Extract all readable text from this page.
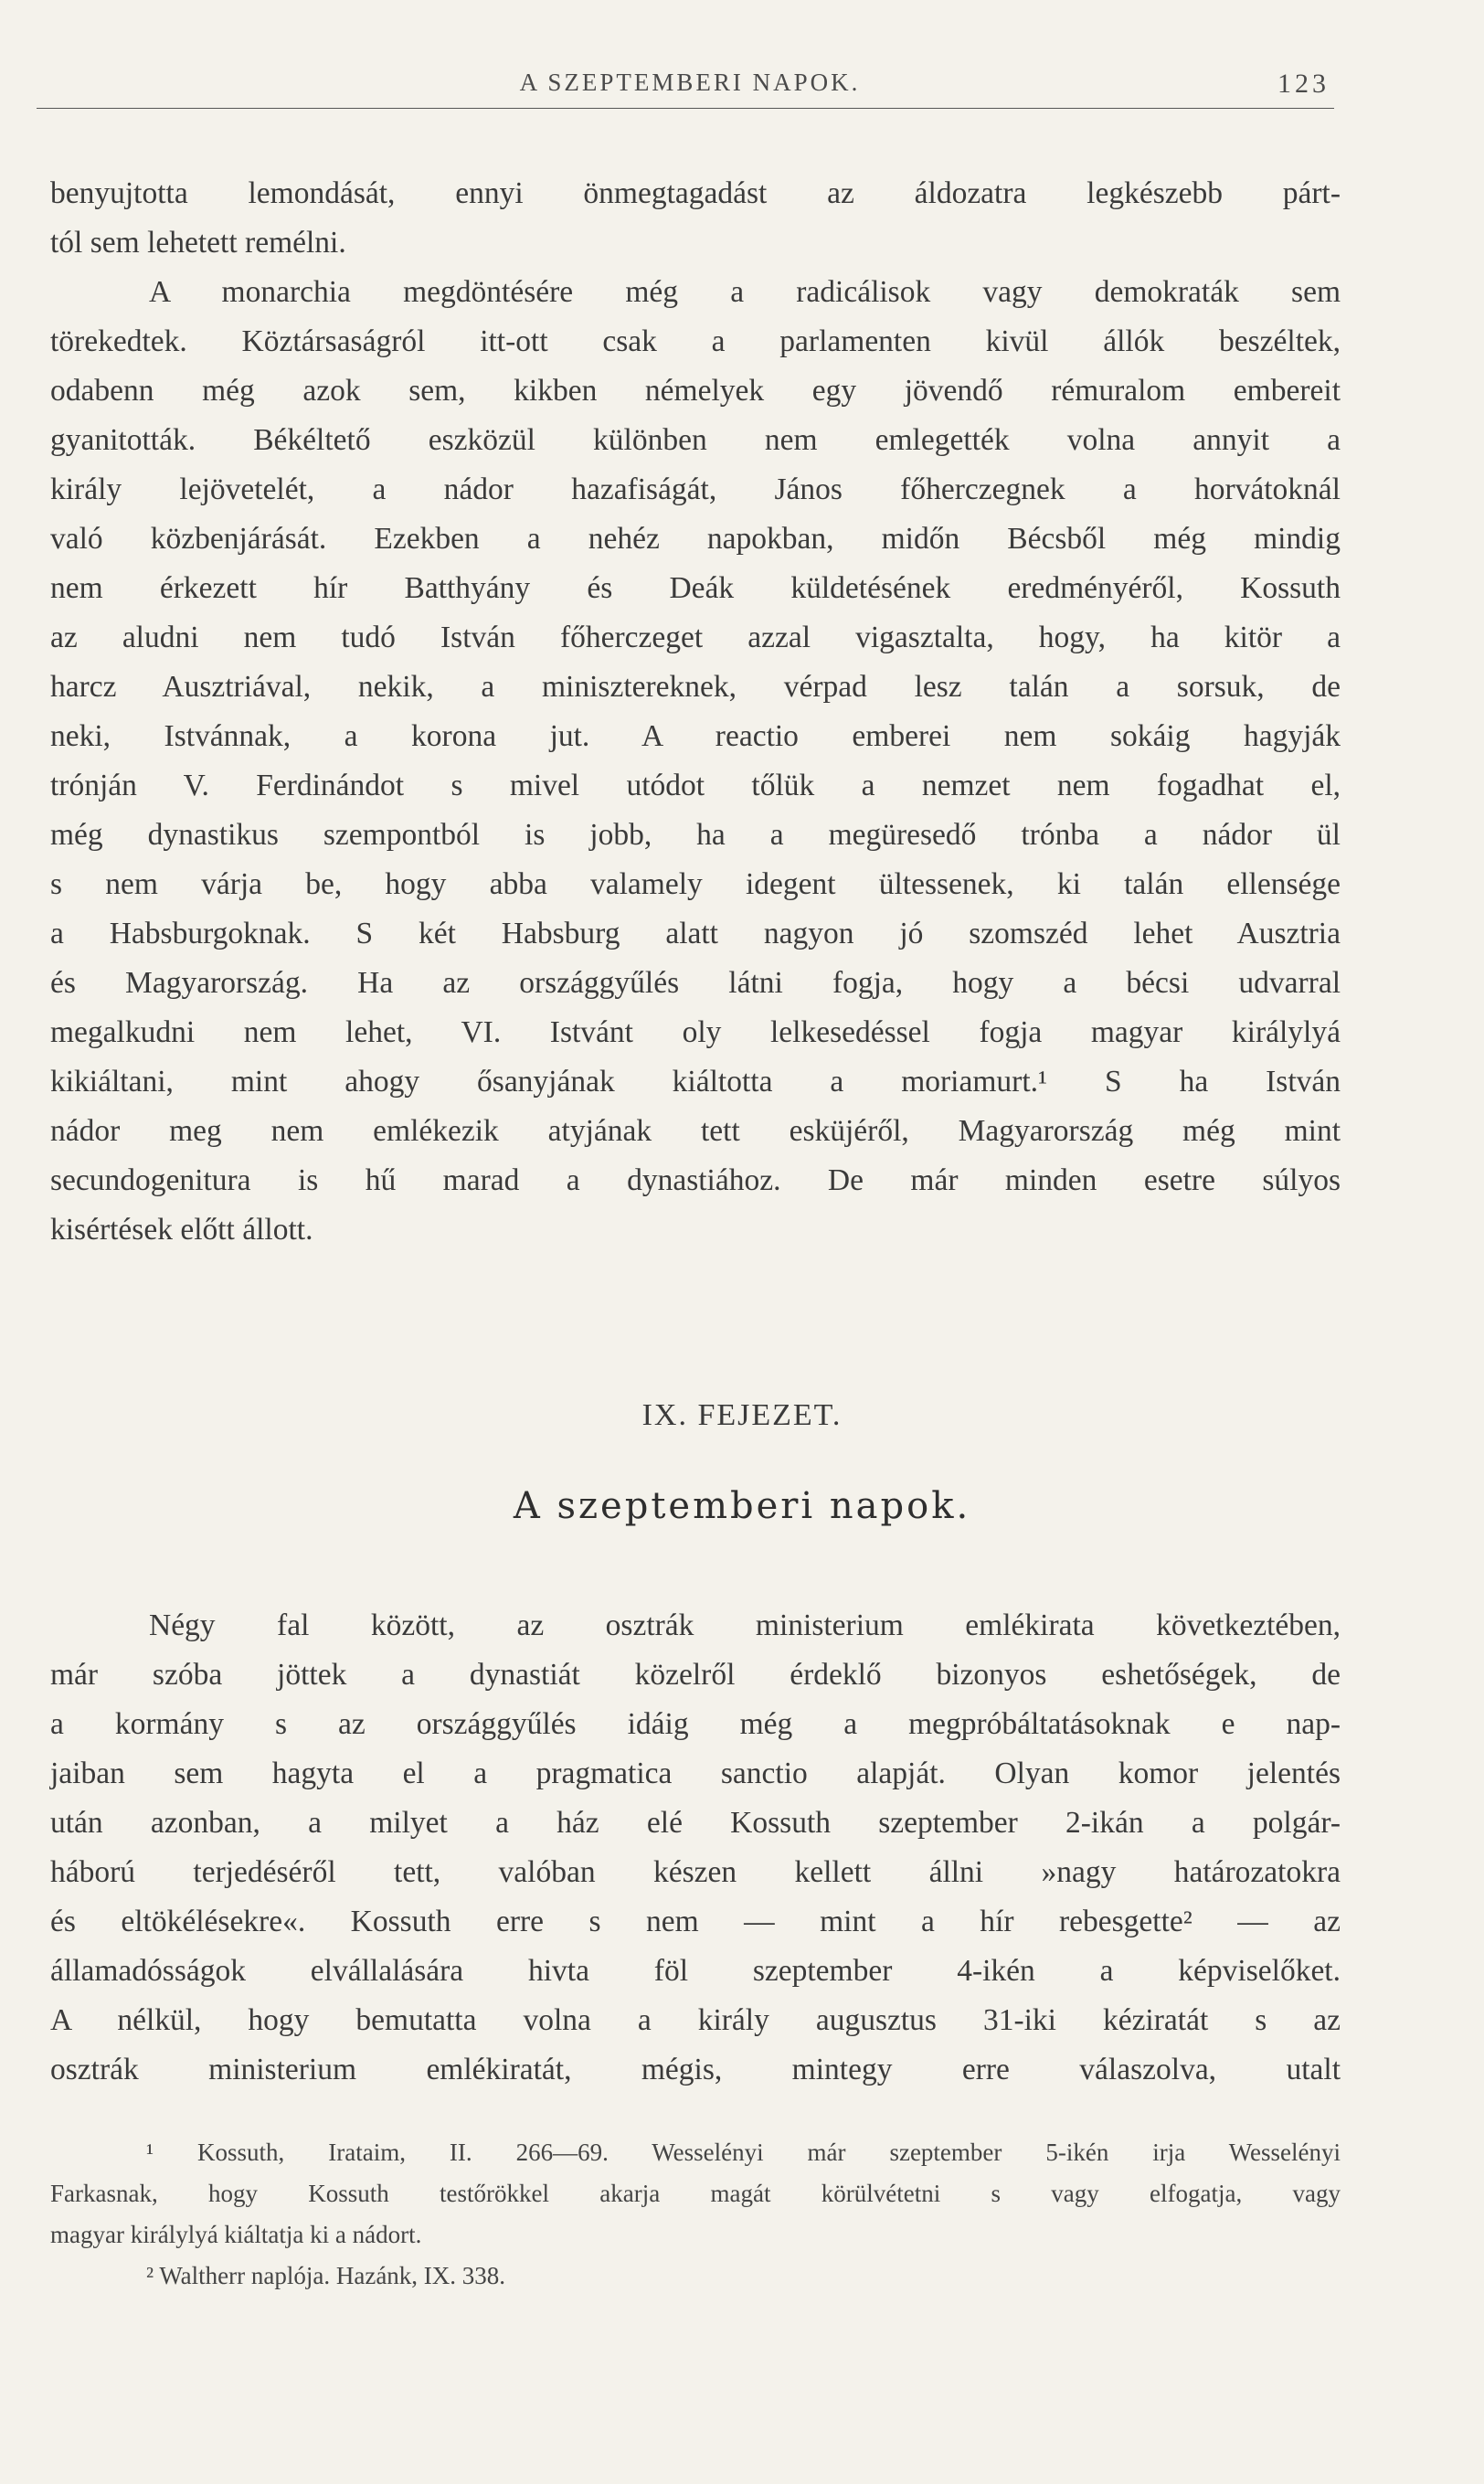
A SZEPTEMBERI NAPOK.	123
benyujtotta lemondását, ennyi önmegtagadást az áldozatra legkészebb párt-
tól sem lehetett remélni.
A monarchia megdöntésére még a radicálisok vagy demokraták sem
törekedtek. Köztársaságról itt-ott csak a parlamenten kivül állók beszéltek,
odabenn még azok sem, kikben némelyek egy jövendő rémuralom embereit
gyanitották. Békéltető eszközül különben nem emlegették volna annyit a
király lejövetelét, a nádor hazafiságát, János főherczegnek a horvátoknál
való közbenjárását. Ezekben a nehéz napokban, midőn Bécsből még mindig
nem érkezett hír Batthyány és Deák küldetésének eredményéről, Kossuth
az aludni nem tudó István főherczeget azzal vigasztalta, hogy, ha kitör a
harcz Ausztriával, nekik, a minisztereknek, vérpad lesz talán a sorsuk, de
neki, Istvánnak, a korona jut. A reactio emberei nem sokáig hagyják
trónján V. Ferdinándot s mivel utódot tőlük a nemzet nem fogadhat el,
még dynastikus szempontból is jobb, ha a megüresedő trónba a nádor ül
s nem várja be, hogy abba valamely idegent ültessenek, ki talán ellensége
a Habsburgoknak. S két Habsburg alatt nagyon jó szomszéd lehet Ausztria
és Magyarország. Ha az országgyűlés látni fogja, hogy a bécsi udvarral
megalkudni nem lehet, VI. Istvánt oly lelkesedéssel fogja magyar királylyá
kikiáltani, mint ahogy ősanyjának kiáltotta a moriamurt.¹ S ha István
nádor meg nem emlékezik atyjának tett esküjéről, Magyarország még mint
secundogenitura is hű marad a dynastiához. De már minden esetre súlyos
kisértések előtt állott.
IX. FEJEZET.
A szeptemberi napok.
Négy fal között, az osztrák ministerium emlékirata következtében,
már szóba jöttek a dynastiát közelről érdeklő bizonyos eshetőségek, de
a kormány s az országgyűlés idáig még a megpróbáltatásoknak e nap-
jaiban sem hagyta el a pragmatica sanctio alapját. Olyan komor jelentés
után azonban, a milyet a ház elé Kossuth szeptember 2-ikán a polgár-
háború terjedéséről tett, valóban készen kellett állni »nagy határozatokra
és eltökélésekre«. Kossuth erre s nem — mint a hír rebesgette² — az
államadósságok elvállalására hivta föl szeptember 4-ikén a képviselőket.
A nélkül, hogy bemutatta volna a király augusztus 31-iki kéziratát s az
osztrák ministerium emlékiratát, mégis, mintegy erre válaszolva, utalt
¹ Kossuth, Irataim, II. 266—69. Wesselényi már szeptember 5-ikén irja Wesselényi
Farkasnak, hogy Kossuth testőrökkel akarja magát körülvétetni s vagy elfogatja, vagy
magyar királylyá kiáltatja ki a nádort.
² Waltherr naplója. Hazánk, IX. 338.
